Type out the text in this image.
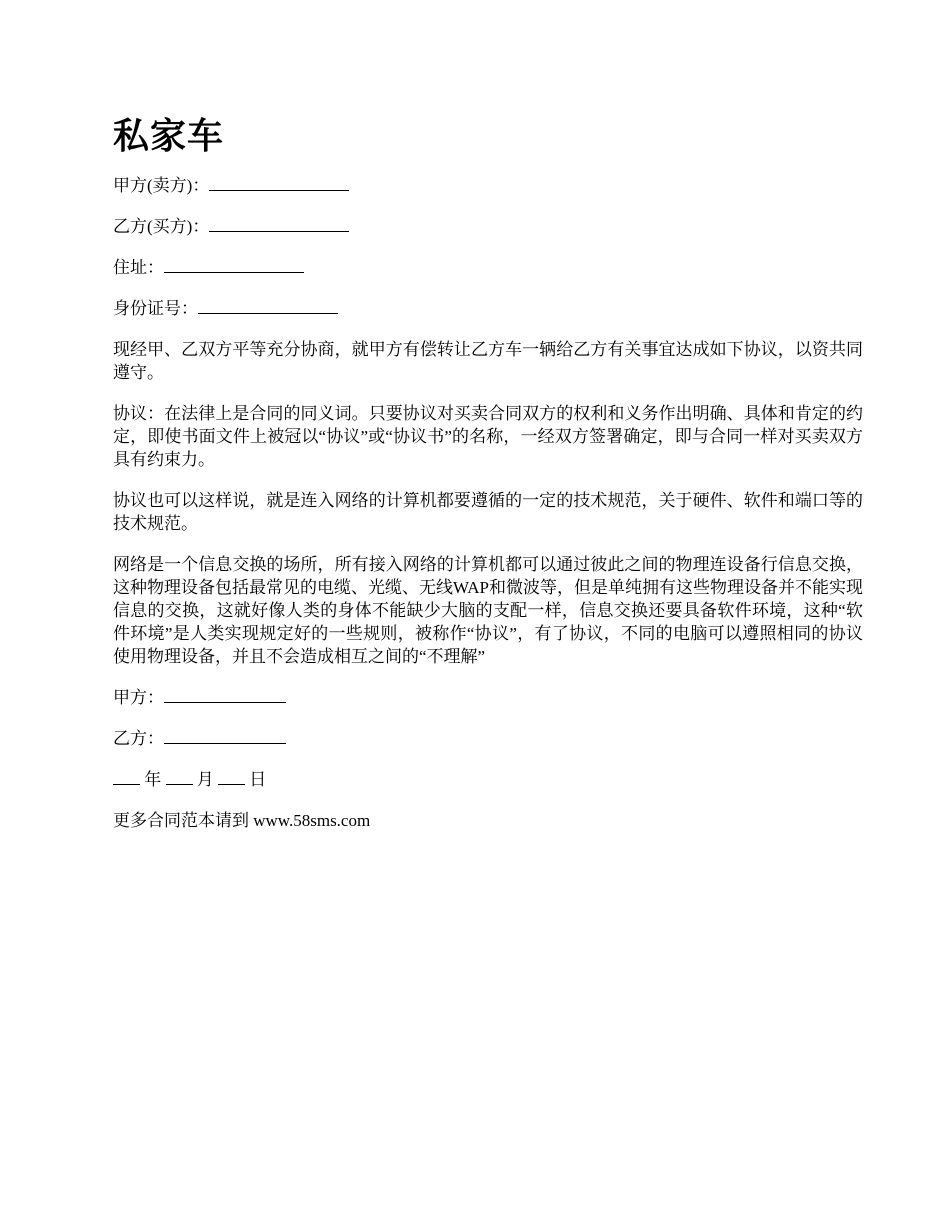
私家车
甲方(卖方)：
乙方(买方)：
住址：
身份证号：

现经甲、乙双方平等充分协商，就甲方有偿转让乙方车一辆给乙方有关事宜达成如下协议，以资共同遵守。

协议：在法律上是合同的同义词。只要协议对买卖合同双方的权利和义务作出明确、具体和肯定的约定，即使书面文件上被冠以“协议”或“协议书”的名称，一经双方签署确定，即与合同一样对买卖双方具有约束力。

协议也可以这样说，就是连入网络的计算机都要遵循的一定的技术规范，关于硬件、软件和端口等的技术规范。

网络是一个信息交换的场所，所有接入网络的计算机都可以通过彼此之间的物理连设备行信息交换，这种物理设备包括最常见的电缆、光缆、无线WAP和微波等，但是单纯拥有这些物理设备并不能实现信息的交换，这就好像人类的身体不能缺少大脑的支配一样，信息交换还要具备软件环境，这种“软件环境”是人类实现规定好的一些规则，被称作“协议”，有了协议，不同的电脑可以遵照相同的协议使用物理设备，并且不会造成相互之间的“不理解”

甲方：
乙方：
年 月 日
更多合同范本请到 www.58sms.com
